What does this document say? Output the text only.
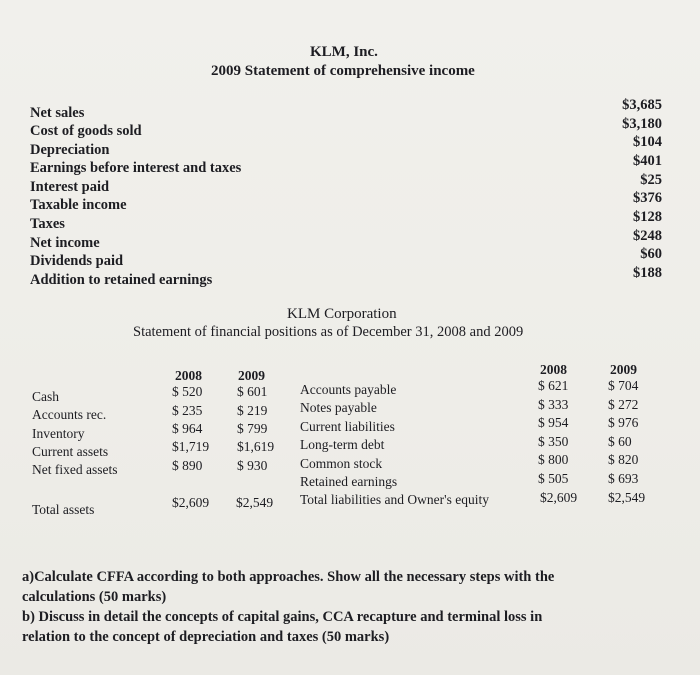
KLM, Inc.
2009 Statement of comprehensive income
Net sales	$3,685
Cost of goods sold	$3,180
Depreciation	$104
Earnings before interest and taxes	$401
Interest paid	$25
Taxable income	$376
Taxes	$128
Net income	$248
Dividends paid	$60
Addition to retained earnings	$188
KLM Corporation
Statement of financial positions as of December 31, 2008 and 2009
2008	2009	2008	2009
Cash	$ 520	$ 601
Accounts rec.	$ 235	$ 219
Inventory	$ 964	$ 799
Current assets	$1,719 $1,619
Net fixed assets	$ 890	$ 930
Total assets	$2,609 $2,549
Accounts payable	$ 621	$ 704
Notes payable	$ 333	$ 272
Current liabilities	$ 954	$ 976
Long-term debt	$ 350	$ 60
Common stock	$ 800	$ 820
Retained earnings	$ 505	$ 693
Total liabilities and Owner's equity	$2,609 $2,549
a)Calculate CFFA according to both approaches. Show all the necessary steps with the
calculations (50 marks)
b) Discuss in detail the concepts of capital gains, CCA recapture and terminal loss in
relation to the concept of depreciation and taxes (50 marks)
